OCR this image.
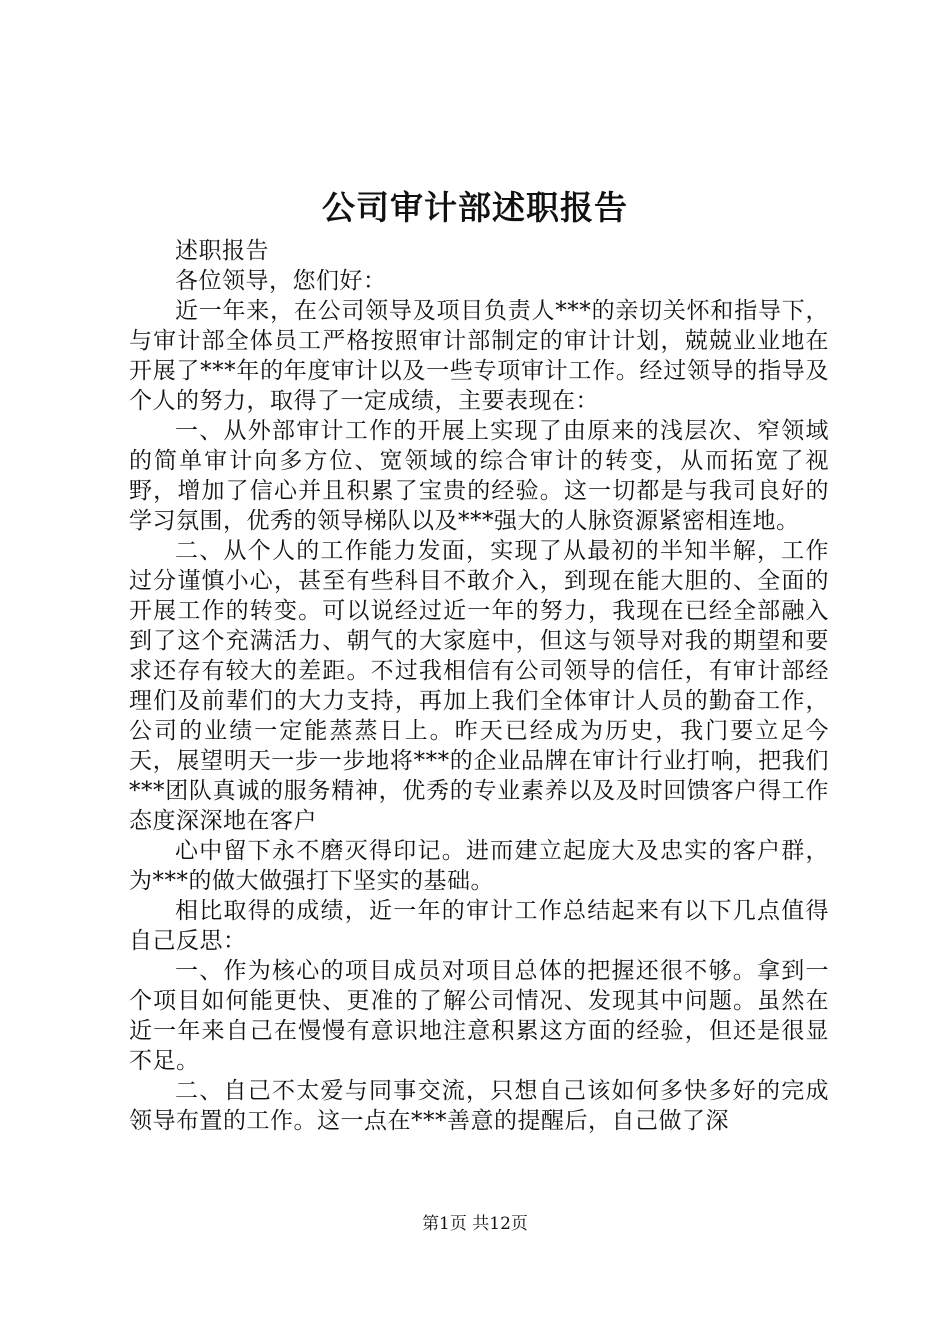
公司审计部述职报告

述职报告

各位领导，您们好：

近一年来，在公司领导及项目负责人***的亲切关怀和指导下，与审计部全体员工严格按照审计部制定的审计计划，兢兢业业地在开展了***年的年度审计以及一些专项审计工作。经过领导的指导及个人的努力，取得了一定成绩，主要表现在：

一、从外部审计工作的开展上实现了由原来的浅层次、窄领域的简单审计向多方位、宽领域的综合审计的转变，从而拓宽了视野，增加了信心并且积累了宝贵的经验。这一切都是与我司良好的学习氛围，优秀的领导梯队以及***强大的人脉资源紧密相连地。

二、从个人的工作能力发面，实现了从最初的半知半解，工作过分谨慎小心，甚至有些科目不敢介入，到现在能大胆的、全面的开展工作的转变。可以说经过近一年的努力，我现在已经全部融入到了这个充满活力、朝气的大家庭中，但这与领导对我的期望和要求还存有较大的差距。不过我相信有公司领导的信任，有审计部经理们及前辈们的大力支持，再加上我们全体审计人员的勤奋工作，公司的业绩一定能蒸蒸日上。昨天已经成为历史，我门要立足今天，展望明天一步一步地将***的企业品牌在审计行业打响，把我们***团队真诚的服务精神，优秀的专业素养以及及时回馈客户得工作态度深深地在客户

心中留下永不磨灭得印记。进而建立起庞大及忠实的客户群，为***的做大做强打下坚实的基础。

相比取得的成绩，近一年的审计工作总结起来有以下几点值得自己反思：

一、作为核心的项目成员对项目总体的把握还很不够。拿到一个项目如何能更快、更准的了解公司情况、发现其中问题。虽然在近一年来自己在慢慢有意识地注意积累这方面的经验，但还是很显不足。

二、自己不太爱与同事交流，只想自己该如何多快多好的完成领导布置的工作。这一点在***善意的提醒后，自己做了深

第1页 共12页
